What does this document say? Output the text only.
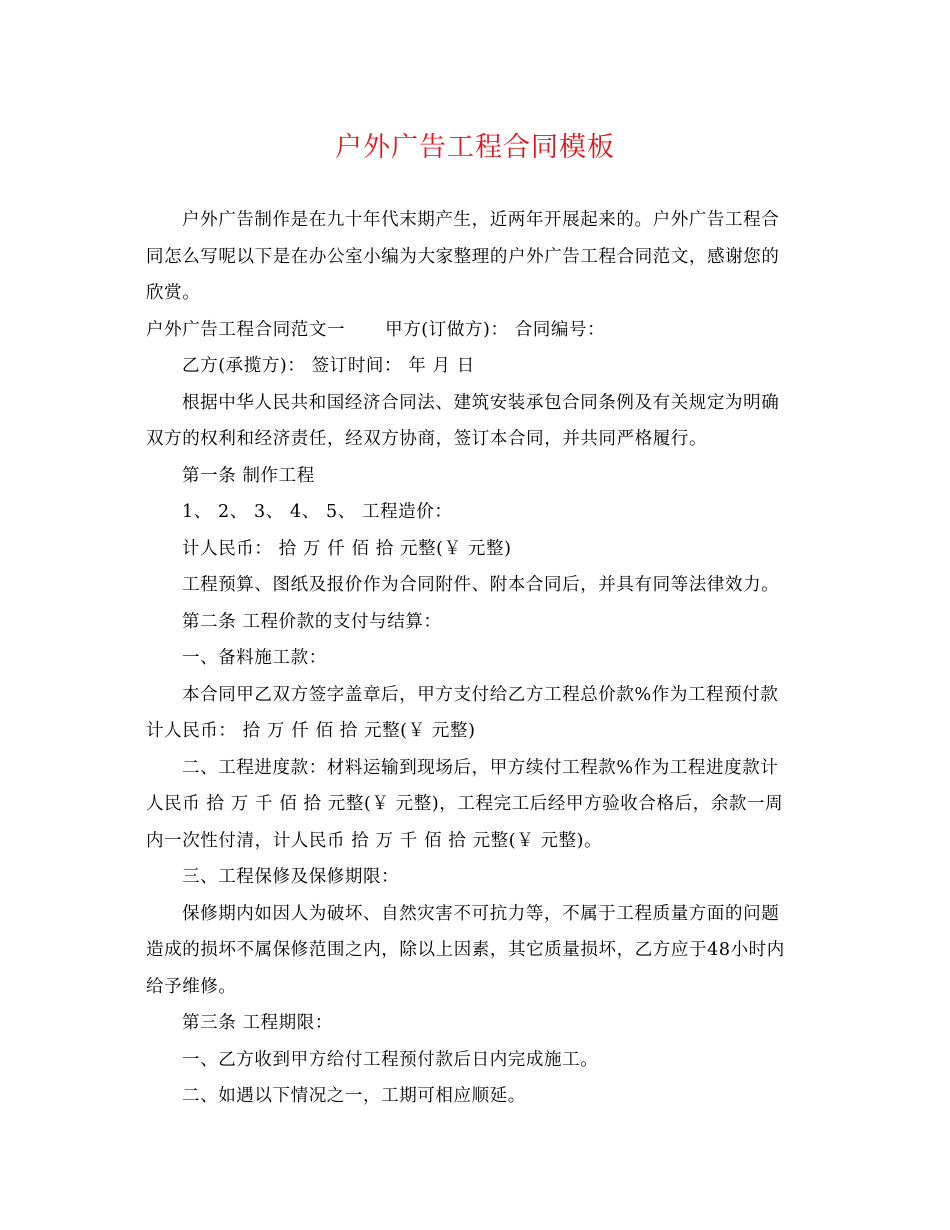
户外广告工程合同模板

户外广告制作是在九十年代末期产生，近两年开展起来的。户外广告工程合
同怎么写呢以下是在办公室小编为大家整理的户外广告工程合同范文，感谢您的
欣赏。

户外广告工程合同范文一 甲方(订做方)： 合同编号：

乙方(承揽方)： 签订时间： 年 月 日

根据中华人民共和国经济合同法、建筑安装承包合同条例及有关规定为明确
双方的权利和经济责任，经双方协商，签订本合同，并共同严格履行。

第一条 制作工程

1、 2、 3、 4、 5、 工程造价：

计人民币： 拾 万 仟 佰 拾 元整(￥ 元整)

工程预算、图纸及报价作为合同附件、附本合同后，并具有同等法律效力。

第二条 工程价款的支付与结算：

一、备料施工款：

本合同甲乙双方签字盖章后，甲方支付给乙方工程总价款%作为工程预付款
计人民币： 拾 万 仟 佰 拾 元整(￥ 元整)

二、工程进度款：材料运输到现场后，甲方续付工程款%作为工程进度款计
人民币 拾 万 千 佰 拾 元整(￥ 元整)，工程完工后经甲方验收合格后，余款一周
内一次性付清，计人民币 拾 万 千 佰 拾 元整(￥ 元整)。

三、工程保修及保修期限：

保修期内如因人为破坏、自然灾害不可抗力等，不属于工程质量方面的问题
造成的损坏不属保修范围之内，除以上因素，其它质量损坏，乙方应于48小时内
给予维修。

第三条 工程期限：

一、乙方收到甲方给付工程预付款后日内完成施工。

二、如遇以下情况之一，工期可相应顺延。
